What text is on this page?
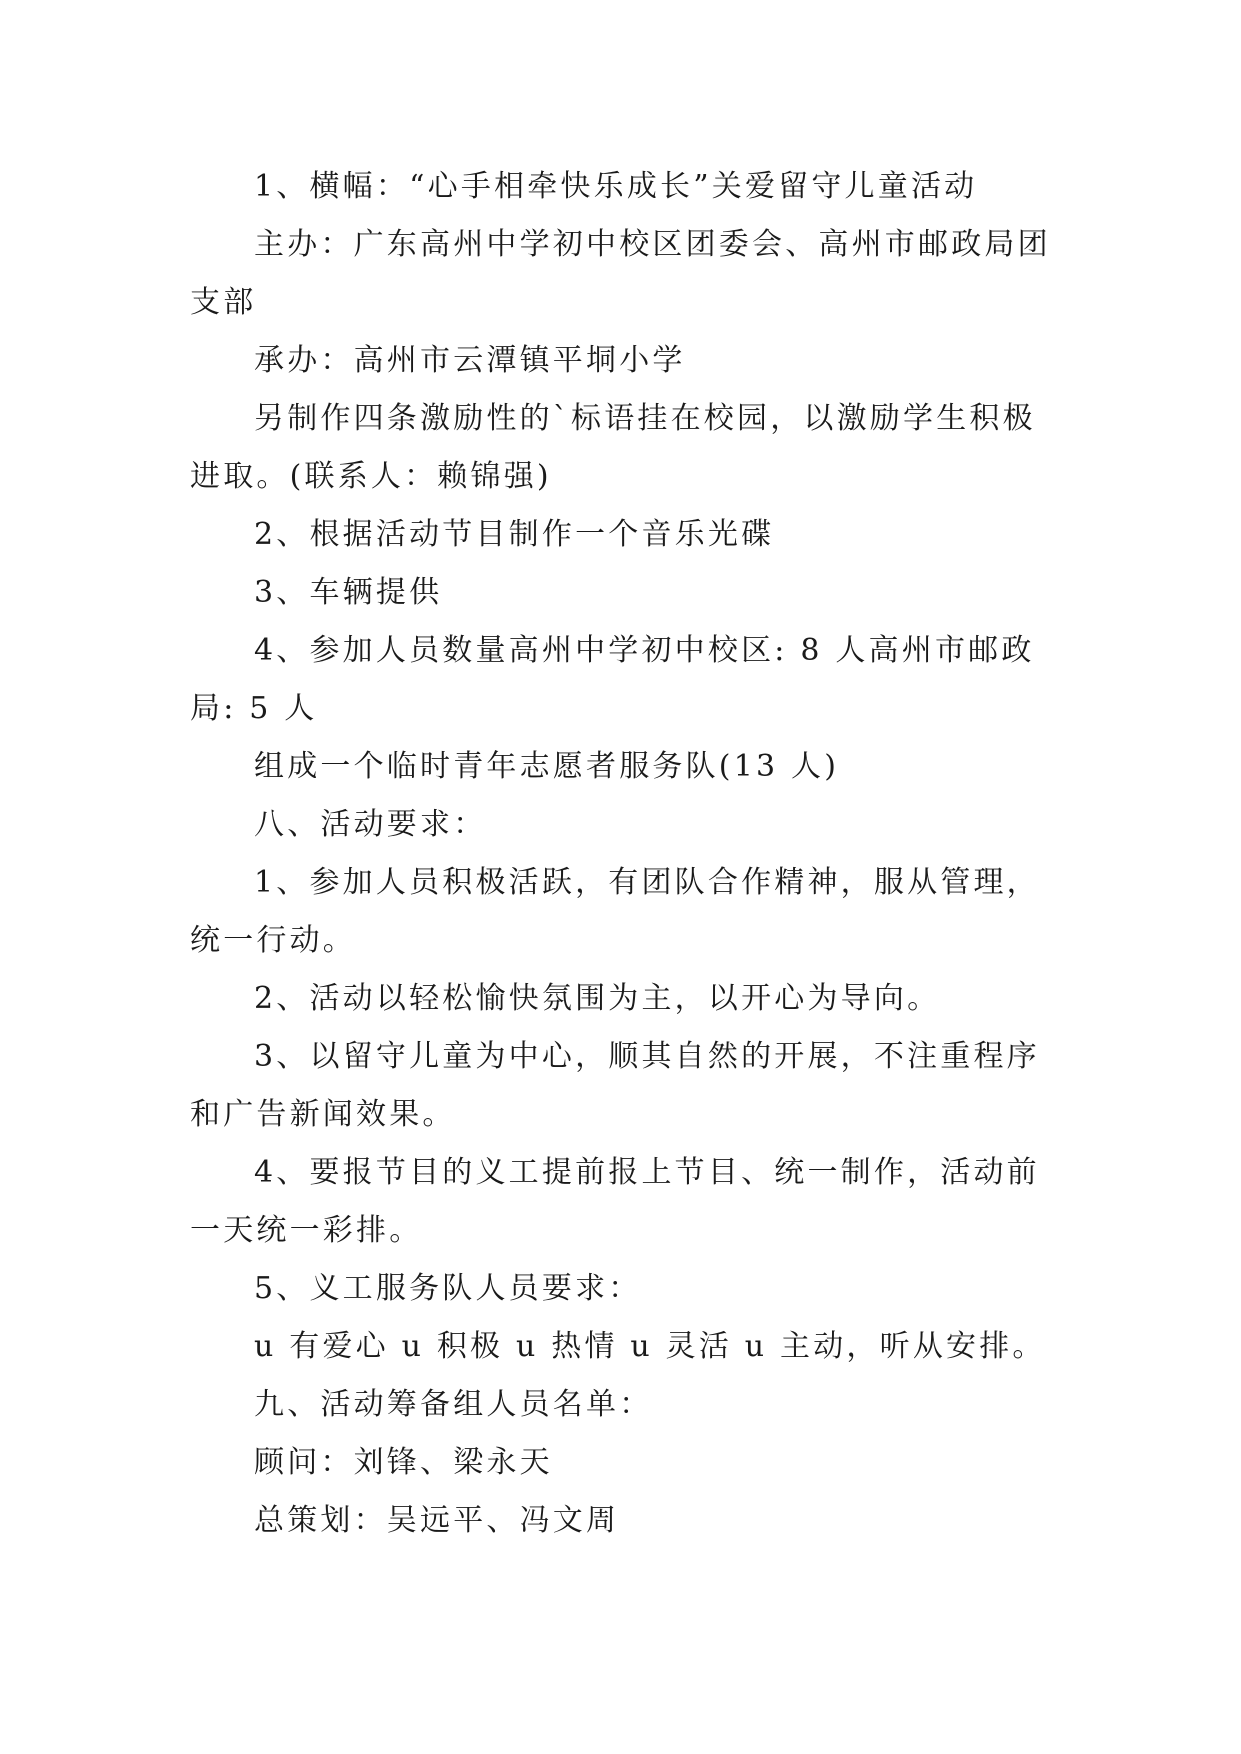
1、横幅：“心手相牵快乐成长”关爱留守儿童活动

主办：广东高州中学初中校区团委会、高州市邮政局团支部

承办：高州市云潭镇平垌小学

另制作四条激励性的`标语挂在校园，以激励学生积极进取。(联系人：赖锦强)

2、根据活动节目制作一个音乐光碟

3、车辆提供

4、参加人员数量高州中学初中校区: 8 人高州市邮政局: 5 人

组成一个临时青年志愿者服务队(13 人)

八、活动要求：

1、参加人员积极活跃，有团队合作精神，服从管理，统一行动。

2、活动以轻松愉快氛围为主，以开心为导向。

3、以留守儿童为中心，顺其自然的开展，不注重程序和广告新闻效果。

4、要报节目的义工提前报上节目、统一制作，活动前一天统一彩排。

5、义工服务队人员要求：

u 有爱心 u 积极 u 热情 u 灵活 u 主动，听从安排。

九、活动筹备组人员名单：

顾问：刘锋、梁永天

总策划：吴远平、冯文周
